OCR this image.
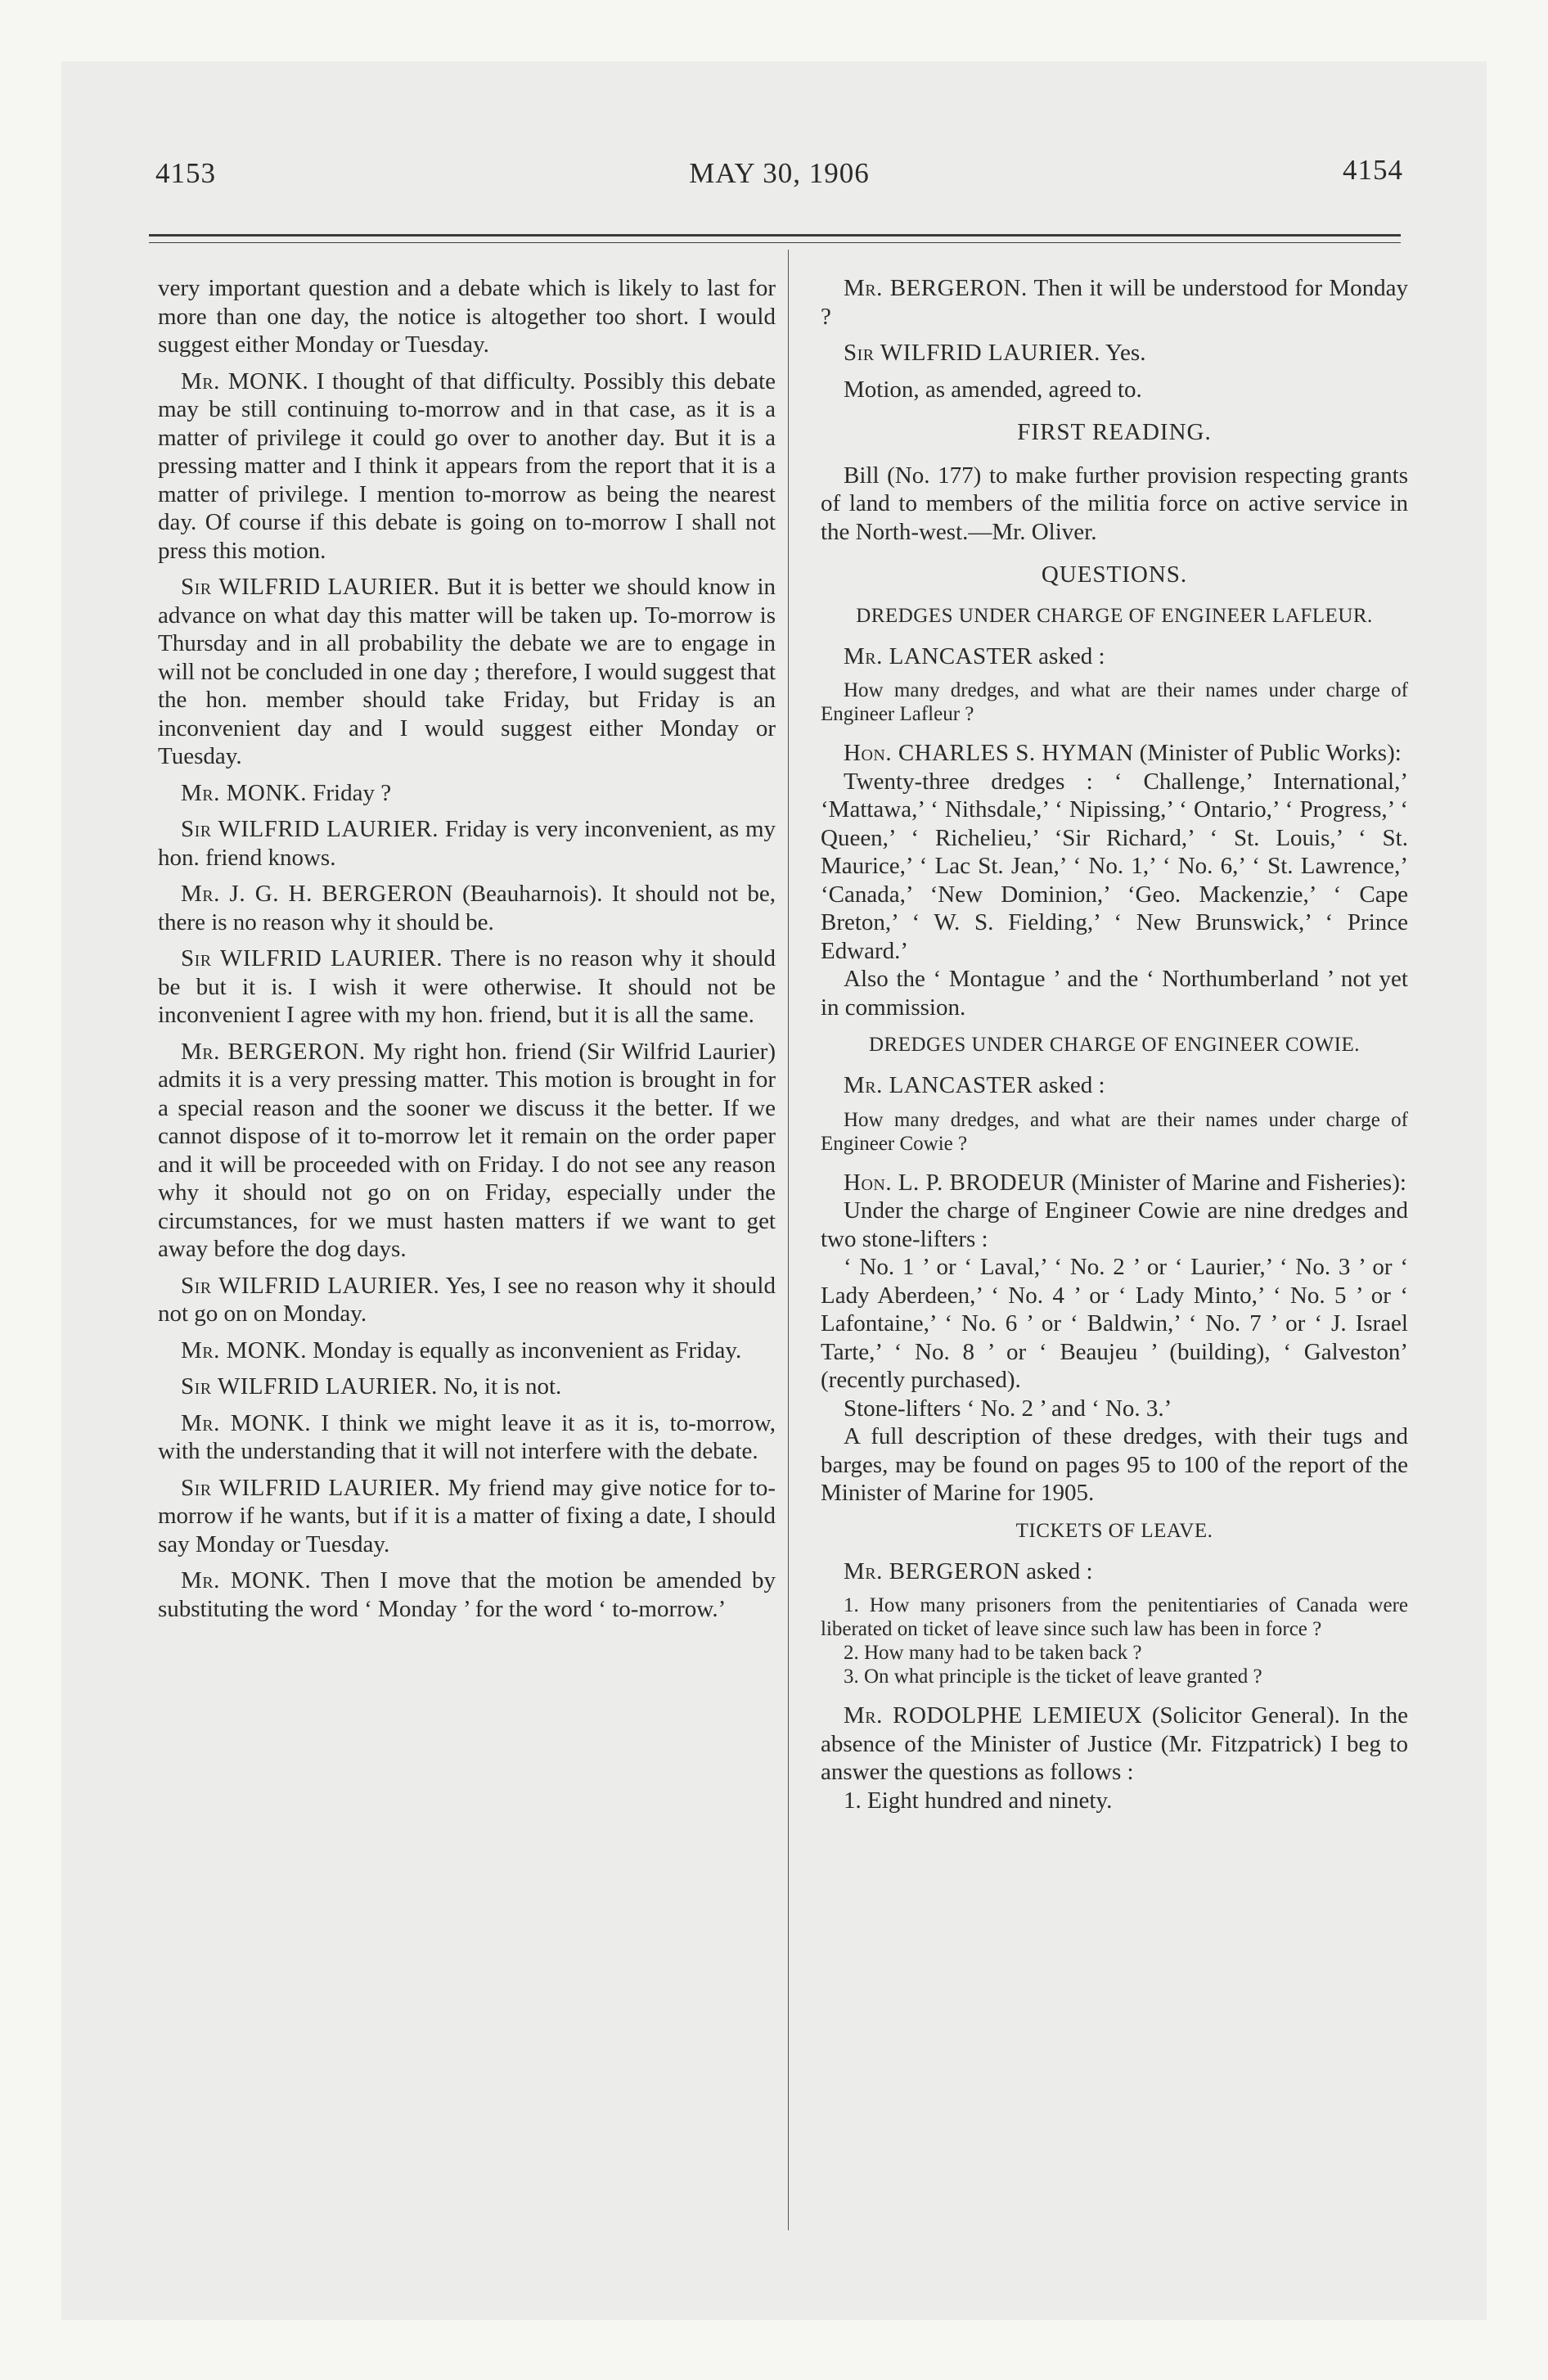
4153	MAY 30, 1906	4154

very important question and a debate which is likely to last for more than one day, the notice is altogether too short. I would suggest either Monday or Tuesday.

Mr. MONK. I thought of that difficulty. Possibly this debate may be still continuing to-morrow and in that case, as it is a matter of privilege it could go over to another day. But it is a pressing matter and I think it appears from the report that it is a matter of privilege. I mention to-morrow as being the nearest day. Of course if this debate is going on to-morrow I shall not press this motion.

Sir WILFRID LAURIER. But it is better we should know in advance on what day this matter will be taken up. To-morrow is Thursday and in all probability the debate we are to engage in will not be concluded in one day ; therefore, I would suggest that the hon. member should take Friday, but Friday is an inconvenient day and I would suggest either Monday or Tuesday.

Mr. MONK. Friday ?

Sir WILFRID LAURIER. Friday is very inconvenient, as my hon. friend knows.

Mr. J. G. H. BERGERON (Beauharnois). It should not be, there is no reason why it should be.

Sir WILFRID LAURIER. There is no reason why it should be but it is. I wish it were otherwise. It should not be inconvenient I agree with my hon. friend, but it is all the same.

Mr. BERGERON. My right hon. friend (Sir Wilfrid Laurier) admits it is a very pressing matter. This motion is brought in for a special reason and the sooner we discuss it the better. If we cannot dispose of it to-morrow let it remain on the order paper and it will be proceeded with on Friday. I do not see any reason why it should not go on on Friday, especially under the circumstances, for we must hasten matters if we want to get away before the dog days.

Sir WILFRID LAURIER. Yes, I see no reason why it should not go on on Monday.

Mr. MONK. Monday is equally as inconvenient as Friday.

Sir WILFRID LAURIER. No, it is not.

Mr. MONK. I think we might leave it as it is, to-morrow, with the understanding that it will not interfere with the debate.

Sir WILFRID LAURIER. My friend may give notice for to-morrow if he wants, but if it is a matter of fixing a date, I should say Monday or Tuesday.

Mr. MONK. Then I move that the motion be amended by substituting the word ‘ Monday ’ for the word ‘ to-morrow.’

Mr. BERGERON. Then it will be understood for Monday ?

Sir WILFRID LAURIER. Yes.

Motion, as amended, agreed to.

FIRST READING.

Bill (No. 177) to make further provision respecting grants of land to members of the militia force on active service in the North-west.—Mr. Oliver.

QUESTIONS.
DREDGES UNDER CHARGE OF ENGINEER LAFLEUR.

Mr. LANCASTER asked :

How many dredges, and what are their names under charge of Engineer Lafleur ?

Hon. CHARLES S. HYMAN (Minister of Public Works):

Twenty-three dredges : ‘ Challenge,’ International,’ ‘Mattawa,’ ‘ Nithsdale,’ ‘ Nipissing,’ ‘ Ontario,’ ‘ Progress,’ ‘ Queen,’ ‘ Richelieu,’ ‘Sir Richard,’ ‘ St. Louis,’ ‘ St. Maurice,’ ‘ Lac St. Jean,’ ‘ No. 1,’ ‘ No. 6,’ ‘ St. Lawrence,’ ‘Canada,’ ‘New Dominion,’ ‘Geo. Mackenzie,’ ‘ Cape Breton,’ ‘ W. S. Fielding,’ ‘ New Brunswick,’ ‘ Prince Edward.’

Also the ‘ Montague ’ and the ‘ Northumberland ’ not yet in commission.

DREDGES UNDER CHARGE OF ENGINEER COWIE.

Mr. LANCASTER asked :

How many dredges, and what are their names under charge of Engineer Cowie ?

Hon. L. P. BRODEUR (Minister of Marine and Fisheries):

Under the charge of Engineer Cowie are nine dredges and two stone-lifters :

‘ No. 1 ’ or ‘ Laval,’ ‘ No. 2 ’ or ‘ Laurier,’ ‘ No. 3 ’ or ‘ Lady Aberdeen,’ ‘ No. 4 ’ or ‘ Lady Minto,’ ‘ No. 5 ’ or ‘ Lafontaine,’ ‘ No. 6 ’ or ‘ Baldwin,’ ‘ No. 7 ’ or ‘ J. Israel Tarte,’ ‘ No. 8 ’ or ‘ Beaujeu ’ (building), ‘ Galveston’ (recently purchased).

Stone-lifters ‘ No. 2 ’ and ‘ No. 3.’

A full description of these dredges, with their tugs and barges, may be found on pages 95 to 100 of the report of the Minister of Marine for 1905.

TICKETS OF LEAVE.

Mr. BERGERON asked :

1. How many prisoners from the penitentiaries of Canada were liberated on ticket of leave since such law has been in force ?

2. How many had to be taken back ?

3. On what principle is the ticket of leave granted ?

Mr. RODOLPHE LEMIEUX (Solicitor General). In the absence of the Minister of Justice (Mr. Fitzpatrick) I beg to answer the questions as follows :

1. Eight hundred and ninety.
